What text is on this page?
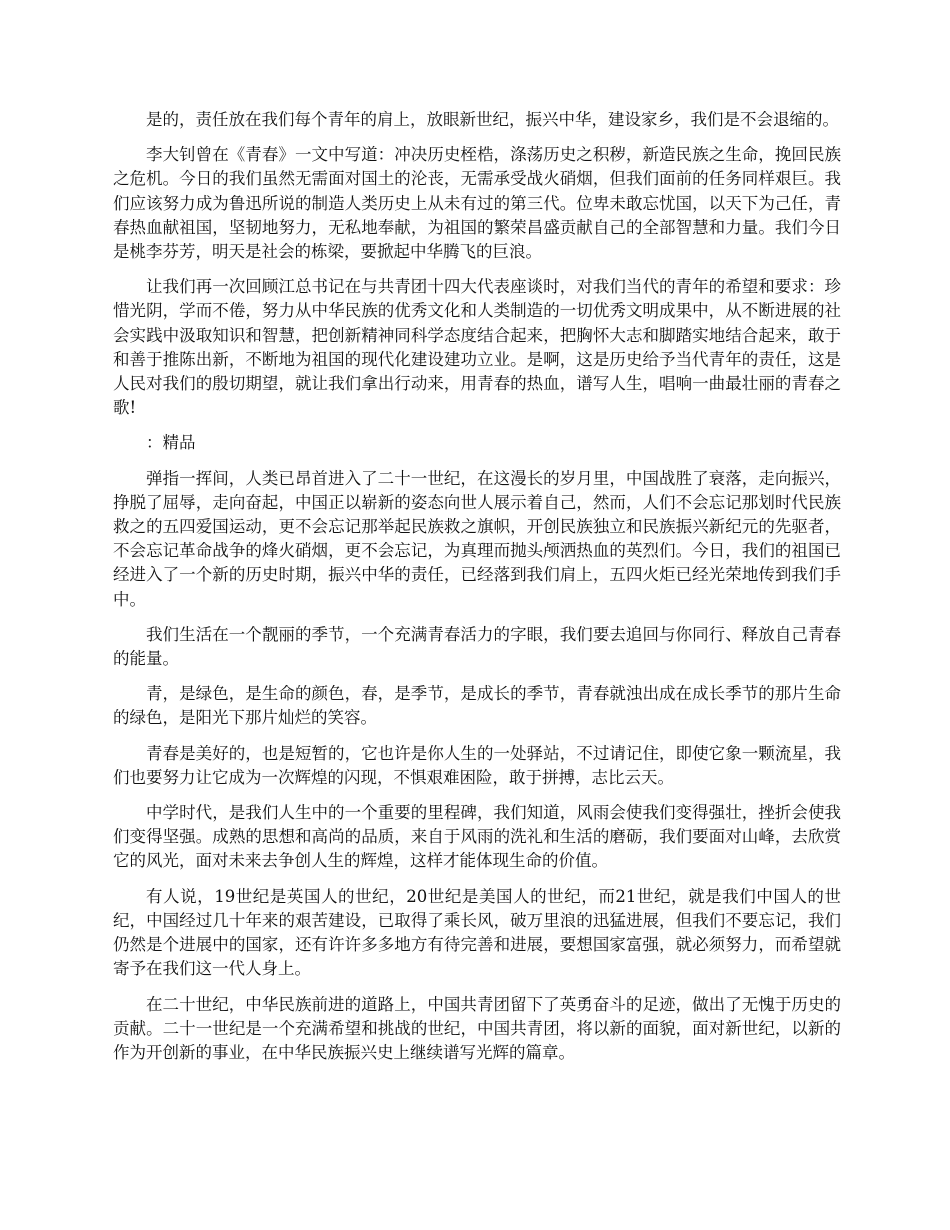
是的，责任放在我们每个青年的肩上，放眼新世纪，振兴中华，建设家乡，我们是不会退缩的。

李大钊曾在《青春》一文中写道：冲决历史桎梏，涤荡历史之积秽，新造民族之生命，挽回民族之危机。今日的我们虽然无需面对国土的沦丧，无需承受战火硝烟，但我们面前的任务同样艰巨。我们应该努力成为鲁迅所说的制造人类历史上从未有过的第三代。位卑未敢忘忧国，以天下为己任，青春热血献祖国，坚韧地努力，无私地奉献，为祖国的繁荣昌盛贡献自己的全部智慧和力量。我们今日是桃李芬芳，明天是社会的栋梁，要掀起中华腾飞的巨浪。

让我们再一次回顾江总书记在与共青团十四大代表座谈时，对我们当代的青年的希望和要求：珍惜光阴，学而不倦，努力从中华民族的优秀文化和人类制造的一切优秀文明成果中，从不断进展的社会实践中汲取知识和智慧，把创新精神同科学态度结合起来，把胸怀大志和脚踏实地结合起来，敢于和善于推陈出新，不断地为祖国的现代化建设建功立业。是啊，这是历史给予当代青年的责任，这是人民对我们的殷切期望，就让我们拿出行动来，用青春的热血，谱写人生，唱响一曲最壮丽的青春之歌!

：精品

弹指一挥间，人类已昂首进入了二十一世纪，在这漫长的岁月里，中国战胜了衰落，走向振兴，挣脱了屈辱，走向奋起，中国正以崭新的姿态向世人展示着自己，然而，人们不会忘记那划时代民族救之的五四爱国运动，更不会忘记那举起民族救之旗帜，开创民族独立和民族振兴新纪元的先驱者，不会忘记革命战争的烽火硝烟，更不会忘记，为真理而抛头颅洒热血的英烈们。今日，我们的祖国已经进入了一个新的历史时期，振兴中华的责任，已经落到我们肩上，五四火炬已经光荣地传到我们手中。

我们生活在一个靓丽的季节，一个充满青春活力的字眼，我们要去追回与你同行、释放自己青春的能量。

青，是绿色，是生命的颜色，春，是季节，是成长的季节，青春就浊出成在成长季节的那片生命的绿色，是阳光下那片灿烂的笑容。

青春是美好的，也是短暂的，它也许是你人生的一处驿站，不过请记住，即使它象一颗流星，我们也要努力让它成为一次辉煌的闪现，不惧艰难困险，敢于拼搏，志比云天。

中学时代，是我们人生中的一个重要的里程碑，我们知道，风雨会使我们变得强壮，挫折会使我们变得坚强。成熟的思想和高尚的品质，来自于风雨的洗礼和生活的磨砺，我们要面对山峰，去欣赏它的风光，面对未来去争创人生的辉煌，这样才能体现生命的价值。

有人说，19世纪是英国人的世纪，20世纪是美国人的世纪，而21世纪，就是我们中国人的世纪，中国经过几十年来的艰苦建设，已取得了乘长风，破万里浪的迅猛进展，但我们不要忘记，我们仍然是个进展中的国家，还有许许多多地方有待完善和进展，要想国家富强，就必须努力，而希望就寄予在我们这一代人身上。

在二十世纪，中华民族前进的道路上，中国共青团留下了英勇奋斗的足迹，做出了无愧于历史的贡献。二十一世纪是一个充满希望和挑战的世纪，中国共青团，将以新的面貌，面对新世纪，以新的作为开创新的事业，在中华民族振兴史上继续谱写光辉的篇章。
